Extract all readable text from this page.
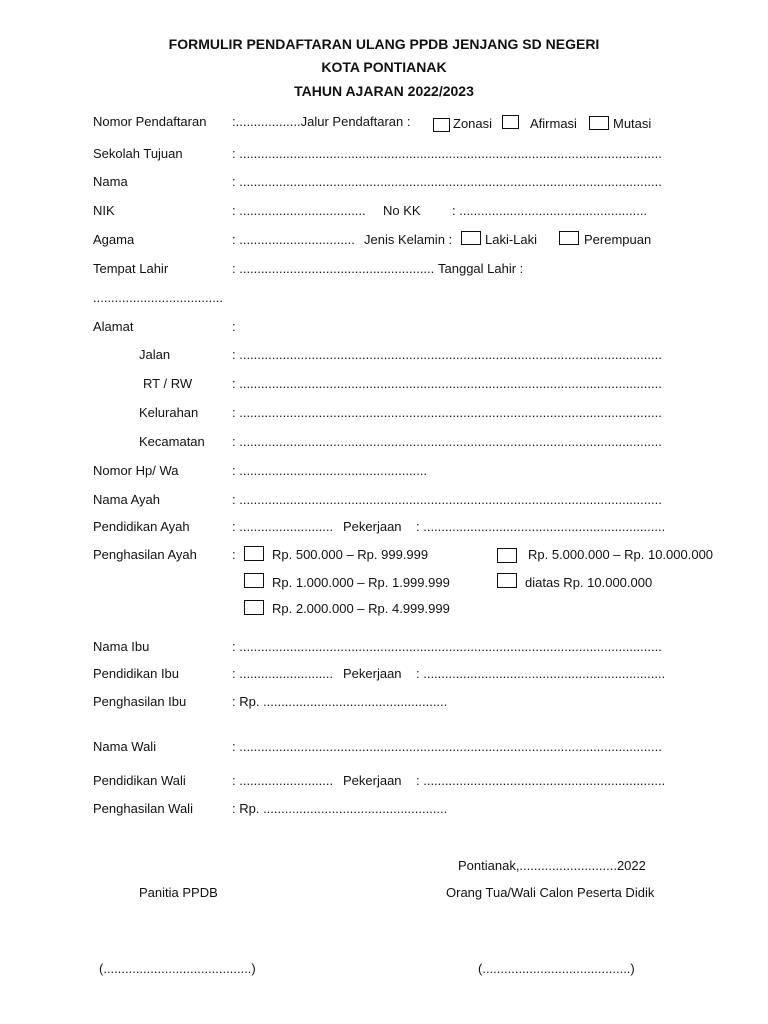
FORMULIR PENDAFTARAN ULANG PPDB JENJANG SD NEGERI
KOTA PONTIANAK
TAHUN AJARAN 2022/2023
Nomor Pendaftaran :..................Jalur Pendaftaran :	Zonasi	Afirmasi	Mutasi
Sekolah Tujuan	: .....................................................................................................................
Nama	: .....................................................................................................................
NIK	: ................................... No KK : ....................................................
Agama	: ................................ Jenis Kelamin :	Laki-Laki	Perempuan
Tempat Lahir	: ...................................................... Tanggal Lahir :
....................................
Alamat	:
Jalan	: .....................................................................................................................
RT / RW	: .....................................................................................................................
Kelurahan	: .....................................................................................................................
Kecamatan : .....................................................................................................................
Nomor Hp/ Wa	: ....................................................
Nama Ayah	: .....................................................................................................................
Pendidikan Ayah	: .......................... Pekerjaan : ...................................................................
Penghasilan Ayah	:	Rp. 500.000 – Rp. 999.999	Rp. 5.000.000 – Rp. 10.000.000
Rp. 1.000.000 – Rp. 1.999.999	diatas Rp. 10.000.000
Rp. 2.000.000 – Rp. 4.999.999
Nama Ibu	: .....................................................................................................................
Pendidikan Ibu	: .......................... Pekerjaan : ...................................................................
Penghasilan Ibu	: Rp. ...................................................
Nama Wali	: .....................................................................................................................
Pendidikan Wali	: .......................... Pekerjaan : ...................................................................
Penghasilan Wali	: Rp. ...................................................
Pontianak,...........................2022
Panitia PPDB	Orang Tua/Wali Calon Peserta Didik
(.........................................)	(.........................................)
